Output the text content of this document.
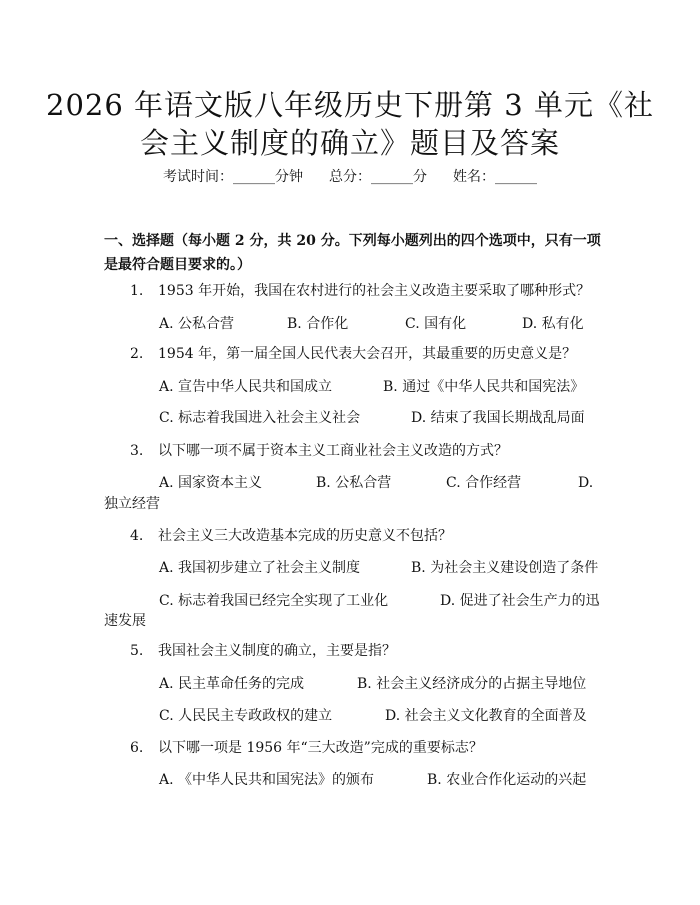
2026 年语文版八年级历史下册第 3 单元《社
会主义制度的确立》题目及答案
考试时间：______分钟 总分：______分 姓名：______
一、选择题（每小题 2 分，共 20 分。下列每小题列出的四个选项中，只有一项是最符合题目要求的。）
1. 1953 年开始，我国在农村进行的社会主义改造主要采取了哪种形式？
A. 公私合营	B. 合作化	C. 国有化	D. 私有化
2. 1954 年，第一届全国人民代表大会召开，其最重要的历史意义是？
A. 宣告中华人民共和国成立	B. 通过《中华人民共和国宪法》
C. 标志着我国进入社会主义社会	D. 结束了我国长期战乱局面
3. 以下哪一项不属于资本主义工商业社会主义改造的方式？
A. 国家资本主义	B. 公私合营	C. 合作经营	D.
独立经营
4. 社会主义三大改造基本完成的历史意义不包括？
A. 我国初步建立了社会主义制度	B. 为社会主义建设创造了条件
C. 标志着我国已经完全实现了工业化	D. 促进了社会生产力的迅
速发展
5. 我国社会主义制度的确立，主要是指？
A. 民主革命任务的完成	B. 社会主义经济成分的占据主导地位
C. 人民民主专政政权的建立	D. 社会主义文化教育的全面普及
6. 以下哪一项是 1956 年“三大改造”完成的重要标志？
A. 《中华人民共和国宪法》的颁布	B. 农业合作化运动的兴起
